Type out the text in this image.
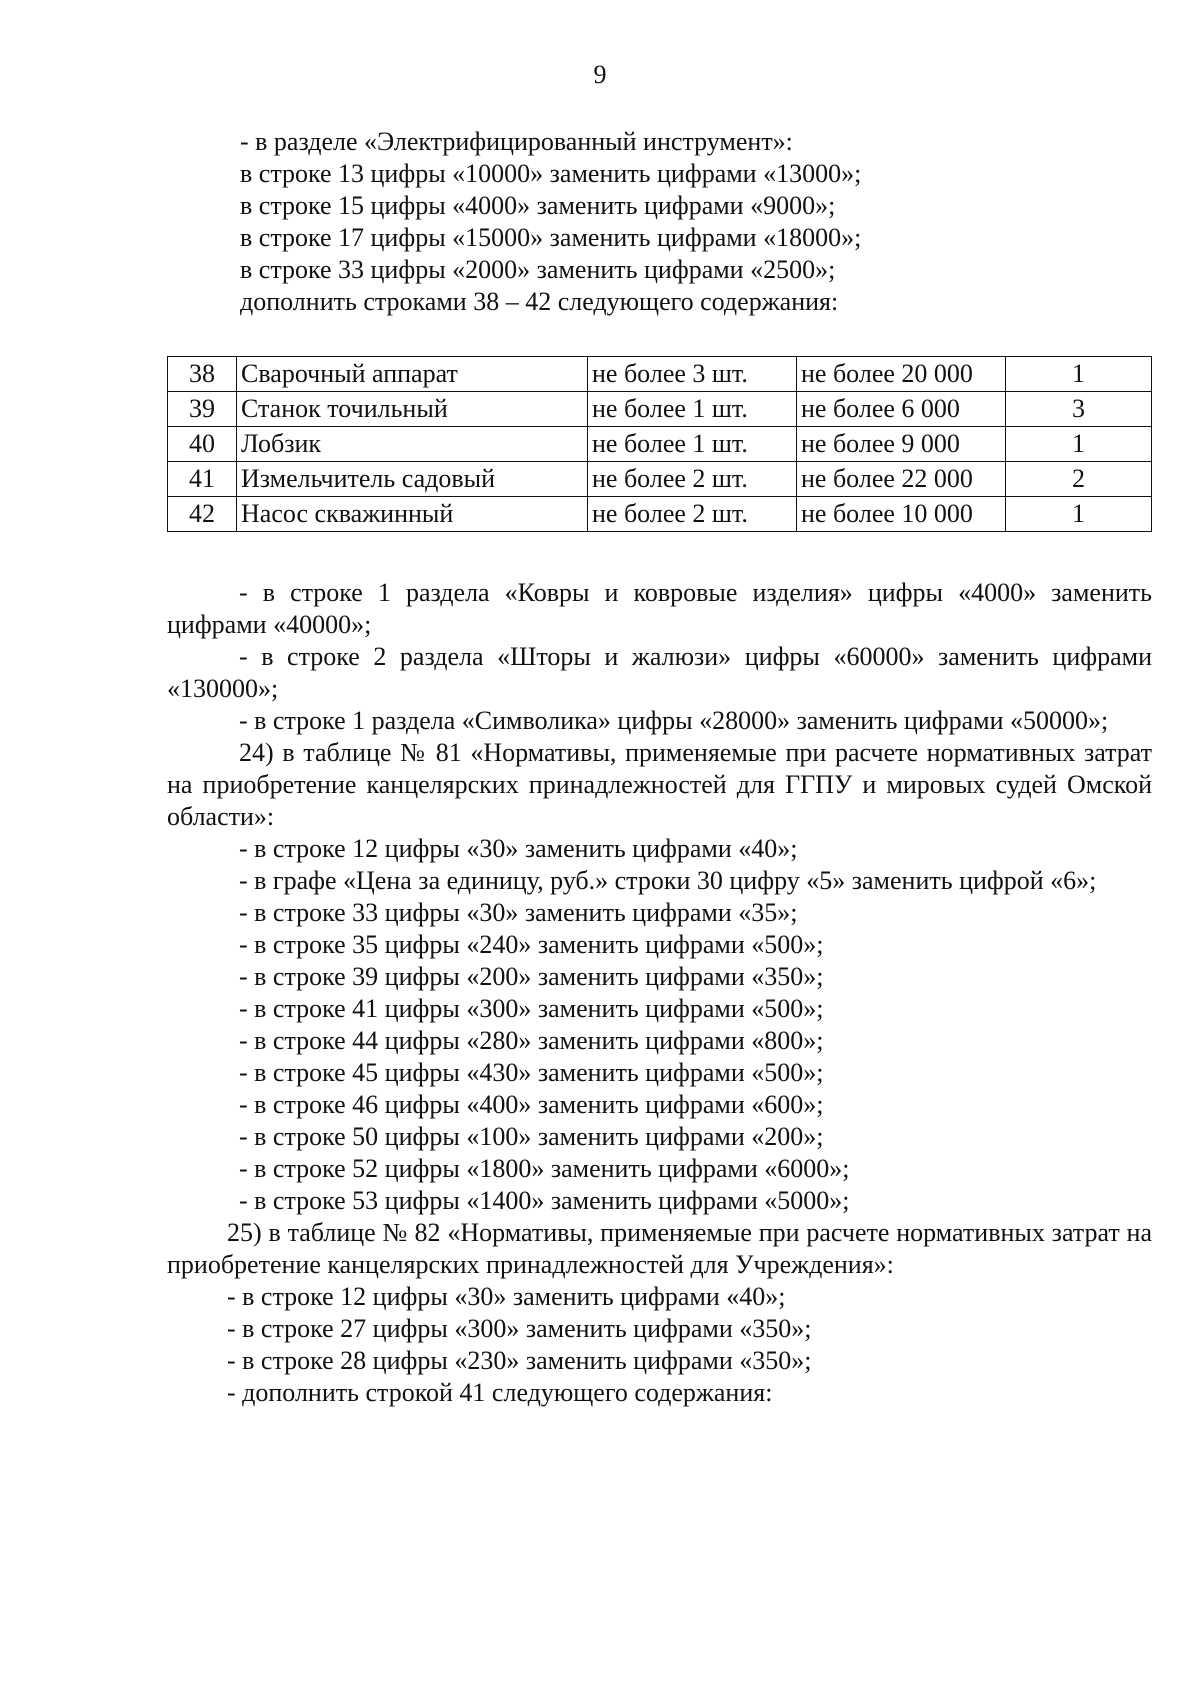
9
- в разделе «Электрифицированный инструмент»:
в строке 13 цифры «10000» заменить цифрами «13000»;
в строке 15 цифры «4000» заменить цифрами «9000»;
в строке 17 цифры «15000» заменить цифрами «18000»;
в строке 33 цифры «2000» заменить цифрами «2500»;
дополнить строками 38 – 42 следующего содержания:
38	Сварочный аппарат	не более 3 шт.	не более 20 000	1
39	Станок точильный	не более 1 шт.	не более 6 000	3
40	Лобзик	не более 1 шт.	не более 9 000	1
41	Измельчитель садовый	не более 2 шт.	не более 22 000	2
42	Насос скважинный	не более 2 шт.	не более 10 000	1

- в строке 1 раздела «Ковры и ковровые изделия» цифры «4000» заменить цифрами «40000»;

- в строке 2 раздела «Шторы и жалюзи» цифры «60000» заменить цифрами «130000»;

- в строке 1 раздела «Символика» цифры «28000» заменить цифрами «50000»;

24) в таблице № 81 «Нормативы, применяемые при расчете нормативных затрат на приобретение канцелярских принадлежностей для ГГПУ и мировых судей Омской области»:

- в строке 12 цифры «30» заменить цифрами «40»;

- в графе «Цена за единицу, руб.» строки 30 цифру «5» заменить цифрой «6»;

- в строке 33 цифры «30» заменить цифрами «35»;

- в строке 35 цифры «240» заменить цифрами «500»;

- в строке 39 цифры «200» заменить цифрами «350»;

- в строке 41 цифры «300» заменить цифрами «500»;

- в строке 44 цифры «280» заменить цифрами «800»;

- в строке 45 цифры «430» заменить цифрами «500»;

- в строке 46 цифры «400» заменить цифрами «600»;

- в строке 50 цифры «100» заменить цифрами «200»;

- в строке 52 цифры «1800» заменить цифрами «6000»;

- в строке 53 цифры «1400» заменить цифрами «5000»;

25) в таблице № 82 «Нормативы, применяемые при расчете нормативных затрат на приобретение канцелярских принадлежностей для Учреждения»:

- в строке 12 цифры «30» заменить цифрами «40»;

- в строке 27 цифры «300» заменить цифрами «350»;

- в строке 28 цифры «230» заменить цифрами «350»;

- дополнить строкой 41 следующего содержания:
